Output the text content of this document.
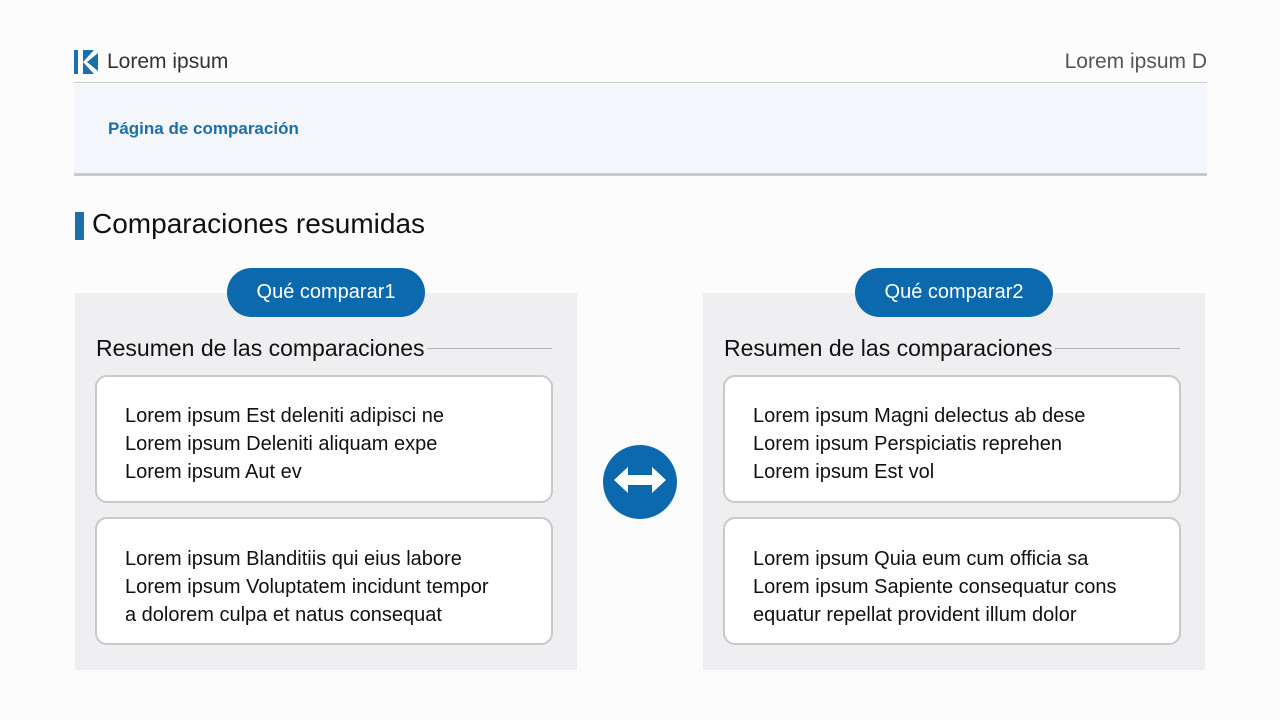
Lorem ipsum	Lorem ipsum D
Página de comparación
Comparaciones resumidas
Resumen de las comparaciones
Lorem ipsum Est deleniti adipisci ne
Lorem ipsum Deleniti aliquam expe
Lorem ipsum Aut ev
Lorem ipsum Blanditiis qui eius labore
Lorem ipsum Voluptatem incidunt tempor
a dolorem culpa et natus consequat
Qué comparar1
Resumen de las comparaciones
Lorem ipsum Magni delectus ab dese
Lorem ipsum Perspiciatis reprehen
Lorem ipsum Est vol
Lorem ipsum Quia eum cum officia sa
Lorem ipsum Sapiente consequatur cons
equatur repellat provident illum dolor
Qué comparar2
